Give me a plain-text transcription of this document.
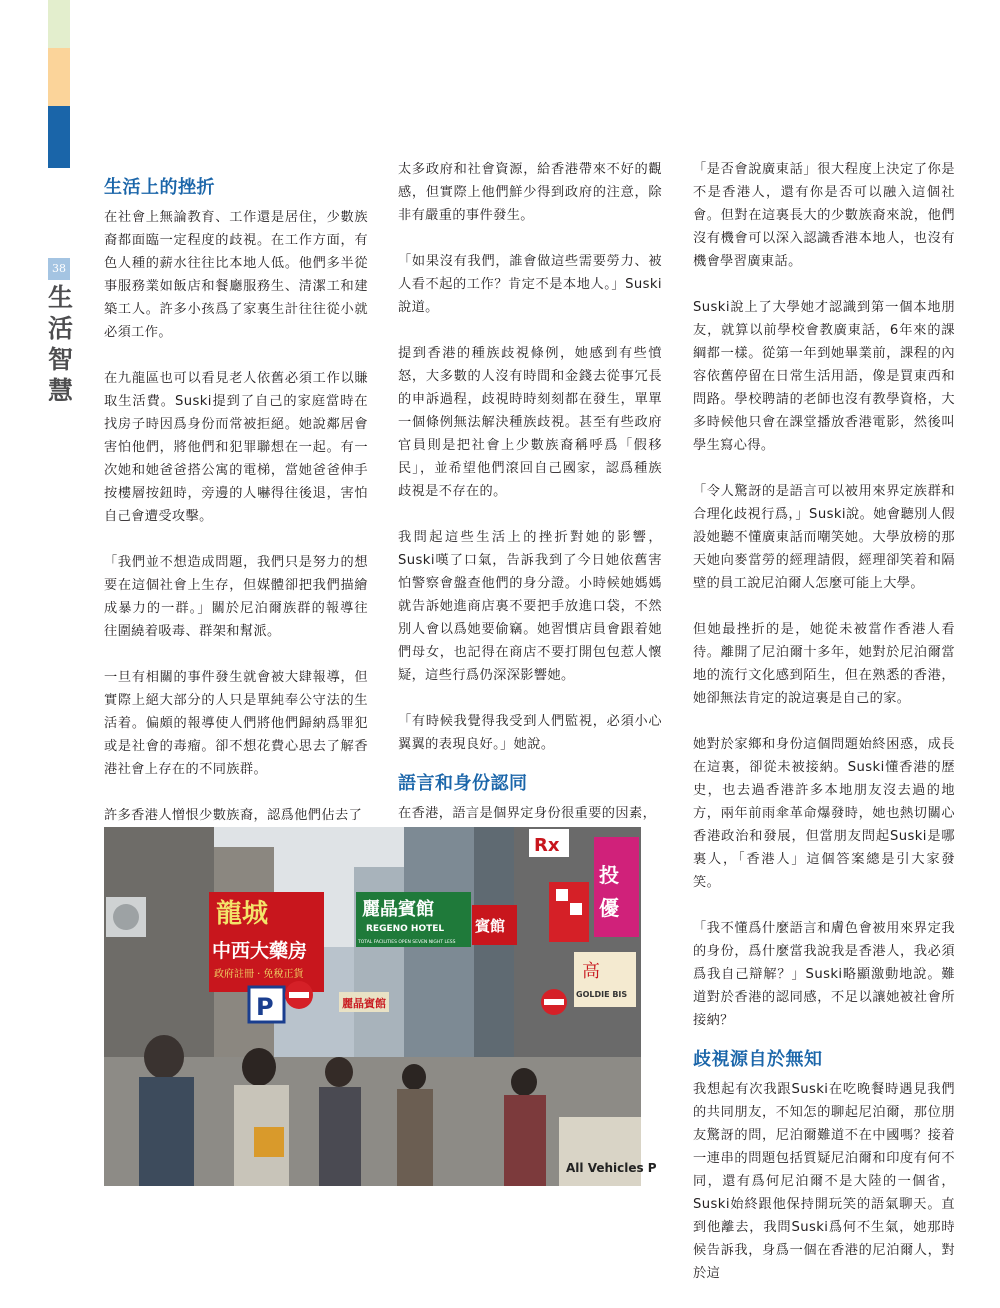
38
生
活
智
慧
生活上的挫折

在社會上無論教育、工作還是居住，少數族裔都面臨一定程度的歧視。在工作方面，有色人種的薪水往往比本地人低。他們多半從事服務業如飯店和餐廳服務生、清潔工和建築工人。許多小孩爲了家裏生計往往從小就必須工作。

在九龍區也可以看見老人依舊必須工作以賺取生活費。Suski提到了自己的家庭當時在找房子時因爲身份而常被拒絕。她說鄰居會害怕他們，將他們和犯罪聯想在一起。有一次她和她爸爸搭公寓的電梯，當她爸爸伸手按樓層按鈕時，旁邊的人嚇得往後退，害怕自己會遭受攻擊。

「我們並不想造成問題，我們只是努力的想要在這個社會上生存，但媒體卻把我們描繪成暴力的一群。」關於尼泊爾族群的報導往往圍繞着吸毒、群架和幫派。

一旦有相關的事件發生就會被大肆報導，但實際上絕大部分的人只是單純奉公守法的生活着。偏頗的報導使人們將他們歸納爲罪犯或是社會的毒瘤。卻不想花費心思去了解香港社會上存在的不同族群。

許多香港人憎恨少數族裔，認爲他們佔去了

太多政府和社會資源，給香港帶來不好的觀感，但實際上他們鮮少得到政府的注意，除非有嚴重的事件發生。

「如果沒有我們，誰會做這些需要勞力、被人看不起的工作？肯定不是本地人。」Suski說道。

提到香港的種族歧視條例，她感到有些憤怒，大多數的人沒有時間和金錢去從事冗長的申訴過程，歧視時時刻刻都在發生，單單一個條例無法解決種族歧視。甚至有些政府官員則是把社會上少數族裔稱呼爲「假移民」，並希望他們滾回自己國家，認爲種族歧視是不存在的。

我問起這些生活上的挫折對她的影響，Suski嘆了口氣，告訴我到了今日她依舊害怕警察會盤查他們的身分證。小時候她媽媽就告訴她進商店裏不要把手放進口袋，不然別人會以爲她要偷竊。她習慣店員會跟着她們母女，也記得在商店不要打開包包惹人懷疑，這些行爲仍深深影響她。

「有時候我覺得我受到人們監視，必須小心翼翼的表現良好。」她說。

語言和身份認同

在香港，語言是個界定身份很重要的因素，

「是否會說廣東話」很大程度上決定了你是不是香港人，還有你是否可以融入這個社會。但對在這裏長大的少數族裔來說，他們沒有機會可以深入認識香港本地人，也沒有機會學習廣東話。

Suski說上了大學她才認識到第一個本地朋友，就算以前學校會教廣東話，6年來的課綱都一樣。從第一年到她畢業前，課程的內容依舊停留在日常生活用語，像是買東西和問路。學校聘請的老師也沒有教學資格，大多時候他只會在課堂播放香港電影，然後叫學生寫心得。

「令人驚訝的是語言可以被用來界定族群和合理化歧視行爲，」Suski說。她會聽別人假設她聽不懂廣東話而嘲笑她。大學放榜的那天她向麥當勞的經理請假，經理卻笑着和隔壁的員工說尼泊爾人怎麼可能上大學。

但她最挫折的是，她從未被當作香港人看待。離開了尼泊爾十多年，她對於尼泊爾當地的流行文化感到陌生，但在熟悉的香港，她卻無法肯定的說這裏是自己的家。

她對於家鄉和身份這個問題始終困惑，成長在這裏，卻從未被接納。Suski懂香港的歷史，也去過香港許多本地朋友沒去過的地方，兩年前雨傘革命爆發時，她也熱切關心香港政治和發展，但當朋友問起Suski是哪裏人，「香港人」這個答案總是引大家發笑。

「我不懂爲什麼語言和膚色會被用來界定我的身份，爲什麼當我說我是香港人，我必須爲我自己辯解？」Suski略顯激動地說。難道對於香港的認同感，不足以讓她被社會所接納？

歧視源自於無知

我想起有次我跟Suski在吃晚餐時遇見我們的共同朋友，不知怎的聊起尼泊爾，那位朋友驚訝的問，尼泊爾難道不在中國嗎？接着一連串的問題包括質疑尼泊爾和印度有何不同，還有爲何尼泊爾不是大陸的一個省，Suski始終跟他保持開玩笑的語氣聊天。直到他離去，我問Suski爲何不生氣，她那時候告訴我，身爲一個在香港的尼泊爾人，對於這

龍城
中西大藥房
政府註冊 · 免稅正貨
麗晶賓館
REGENO HOTEL
TOTAL FACILITIES OPEN SEVEN NIGHT LESS
賓館
Rx
投
優
高
GOLDIE BIS
麗晶賓館
P
All Vehicles P
